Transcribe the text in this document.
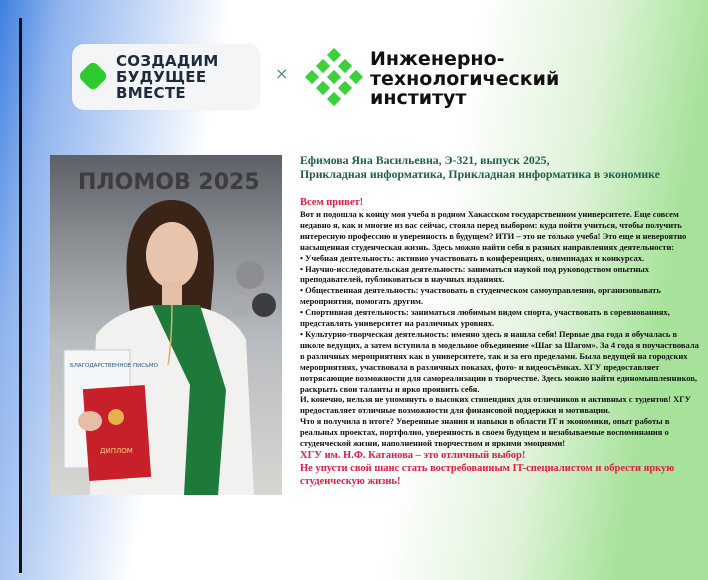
СОЗДАДИМ
БУДУЩЕЕ
ВМЕСТЕ
×
Инженерно-
технологический
институт
ПЛОМОВ 2025
БЛАГОДАРСТВЕННОЕ ПИСЬМО
ДИПЛОМ
Ефимова Яна Васильевна, Э-321, выпуск 2025,
Прикладная информатика, Прикладная информатика в экономике

Всем привет!

Вот и подошла к концу моя учеба в родном Хакасском государственном университете. Еще совсем недавно я, как и многие из вас сейчас, стояла перед выбором: куда пойти учиться, чтобы получить интересную профессию и уверенность в будущем? ИТИ – это не только учеба! Это еще и невероятно насыщенная студенческая жизнь. Здесь можно найти себя в разных направлениях деятельности:

• Учебная деятельность: активно участвовать в конференциях, олимпиадах и конкурсах.

• Научно-исследовательская деятельность: заниматься наукой под руководством опытных преподавателей, публиковаться в научных изданиях.

• Общественная деятельность: участвовать в студенческом самоуправлении, организовывать мероприятия, помогать другим.

• Спортивная деятельность: заниматься любимым видом спорта, участвовать в соревнованиях, представлять университет на различных уровнях.

• Культурно-творческая деятельность: именно здесь я нашла себя! Первые два года я обучалась в школе ведущих, а затем вступила в модельное объединение «Шаг за Шагом». За 4 года я поучаствовала в различных мероприятиях как в университете, так и за его пределами. Была ведущей на городских мероприятиях, участвовала в различных показах, фото- и видеосъёмках. ХГУ предоставляет потрясающие возможности для самореализации в творчестве. Здесь можно найти единомышленников, раскрыть свои таланты и ярко проявить себя.

И, конечно, нельзя не упомянуть о высоких стипендиях для отличников и активных с тудентов! ХГУ предоставляет отличные возможности для финансовой поддержки и мотивации.

Что я получила в итоге? Уверенные знания и навыки в области IT и экономики, опыт работы в реальных проектах, портфолио, уверенность в своем будущем и незабываемые воспоминания о студенческой жизни, наполненной творчеством и яркими эмоциями!

ХГУ им. Н.Ф. Катанова – это отличный выбор!

Не упусти свой шанс стать востребованным IT-специалистом и обрести яркую студенческую жизнь!
